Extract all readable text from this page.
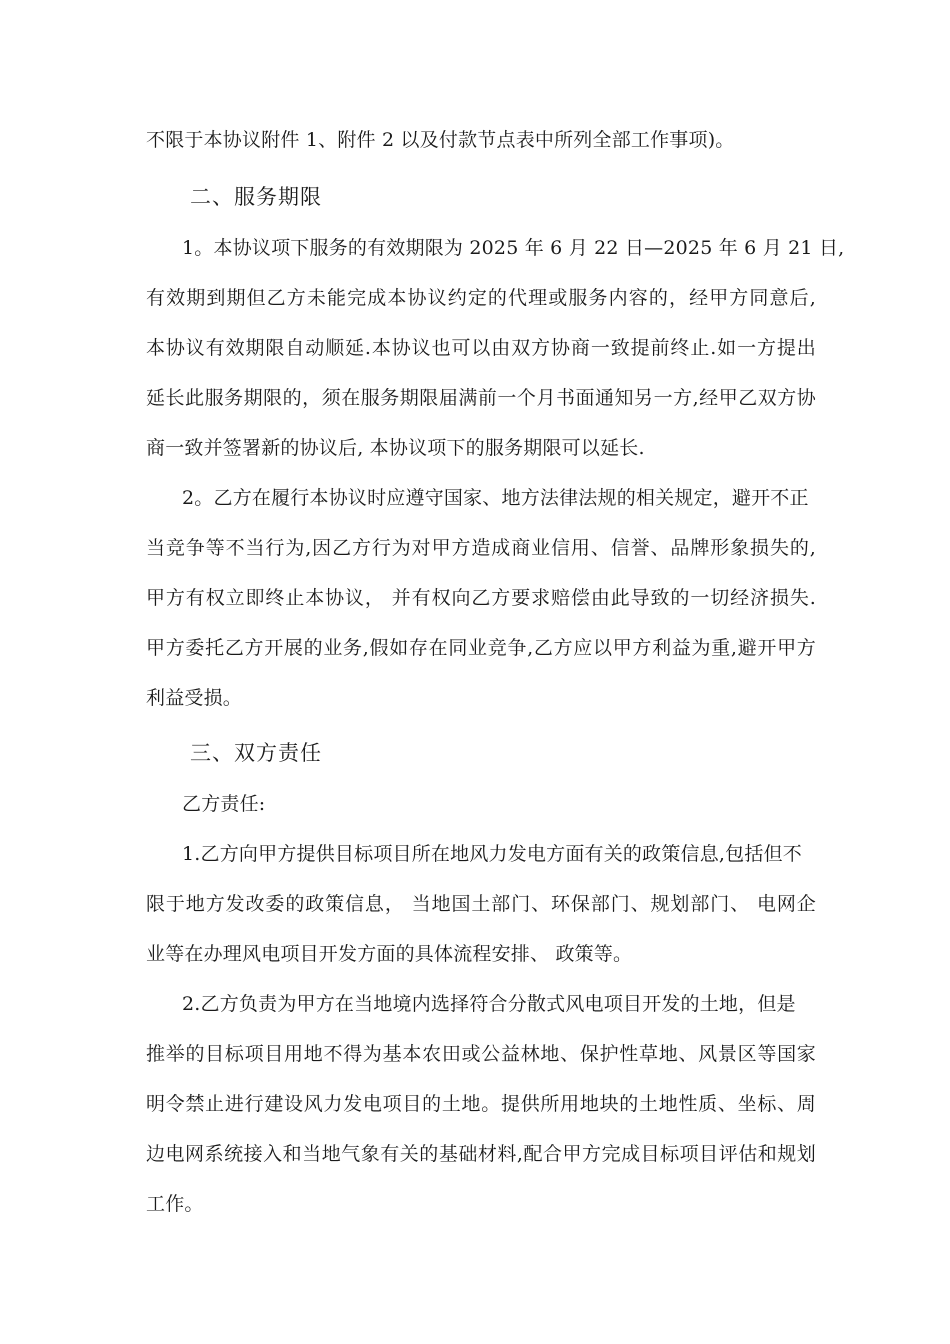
不限于本协议附件 1、附件 2 以及付款节点表中所列全部工作事项)。
二、服务期限
1。本协议项下服务的有效期限为 2025 年 6 月 22 日—2025 年 6 月 21 日,
有效期到期但乙方未能完成本协议约定的代理或服务内容的，经甲方同意后,
本协议有效期限自动顺延.本协议也可以由双方协商一致提前终止.如一方提出
延长此服务期限的，须在服务期限届满前一个月书面通知另一方,经甲乙双方协
商一致并签署新的协议后, 本协议项下的服务期限可以延长.
2。乙方在履行本协议时应遵守国家、地方法律法规的相关规定，避开不正
当竞争等不当行为,因乙方行为对甲方造成商业信用、信誉、品牌形象损失的,
甲方有权立即终止本协议， 并有权向乙方要求赔偿由此导致的一切经济损失.
甲方委托乙方开展的业务,假如存在同业竞争,乙方应以甲方利益为重,避开甲方
利益受损。
三、双方责任
乙方责任:
1.乙方向甲方提供目标项目所在地风力发电方面有关的政策信息,包括但不
限于地方发改委的政策信息， 当地国土部门、环保部门、规划部门、 电网企
业等在办理风电项目开发方面的具体流程安排、 政策等。
2.乙方负责为甲方在当地境内选择符合分散式风电项目开发的土地，但是
推举的目标项目用地不得为基本农田或公益林地、保护性草地、风景区等国家
明令禁止进行建设风力发电项目的土地。提供所用地块的土地性质、坐标、周
边电网系统接入和当地气象有关的基础材料,配合甲方完成目标项目评估和规划
工作。
